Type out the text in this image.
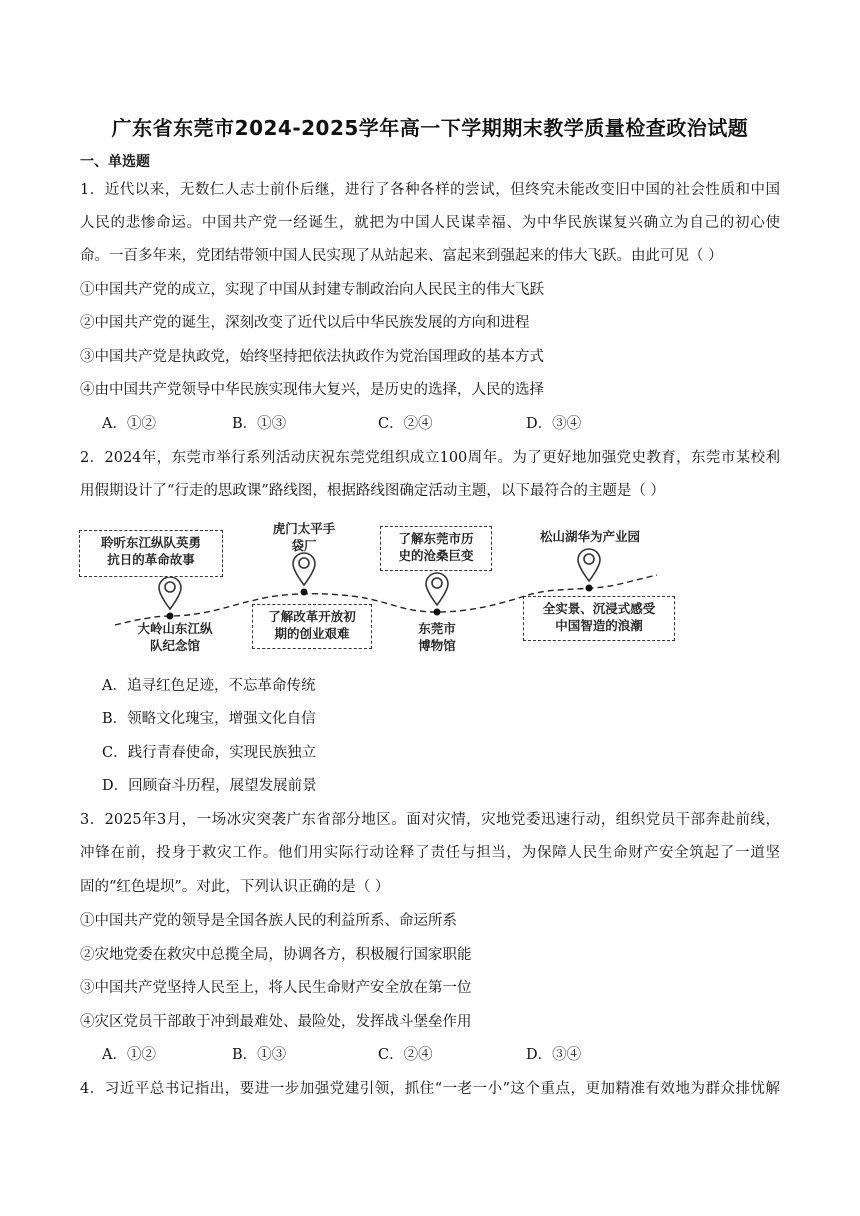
广东省东莞市2024-2025学年高一下学期期末教学质量检查政治试题
一、单选题
1．近代以来，无数仁人志士前仆后继，进行了各种各样的尝试，但终究未能改变旧中国的社会性质和中国
人民的悲惨命运。中国共产党一经诞生，就把为中国人民谋幸福、为中华民族谋复兴确立为自己的初心使
命。一百多年来，党团结带领中国人民实现了从站起来、富起来到强起来的伟大飞跃。由此可见（ ）
①中国共产党的成立，实现了中国从封建专制政治向人民民主的伟大飞跃
②中国共产党的诞生，深刻改变了近代以后中华民族发展的方向和进程
③中国共产党是执政党，始终坚持把依法执政作为党治国理政的基本方式
④由中国共产党领导中华民族实现伟大复兴，是历史的选择，人民的选择
A．①②	B．①③	C．②④	D．③④
2．2024年，东莞市举行系列活动庆祝东莞党组织成立100周年。为了更好地加强党史教育，东莞市某校利
用假期设计了“行走的思政课”路线图，根据路线图确定活动主题，以下最符合的主题是（ ）
聆听东江纵队英勇
抗日的革命故事
大岭山东江纵
队纪念馆
虎门太平手
袋厂
了解改革开放初
期的创业艰难
了解东莞市历
史的沧桑巨变
东莞市
博物馆
松山湖华为产业园
全实景、沉浸式感受
中国智造的浪潮
A．追寻红色足迹，不忘革命传统
B．领略文化瑰宝，增强文化自信
C．践行青春使命，实现民族独立
D．回顾奋斗历程，展望发展前景
3．2025年3月，一场冰灾突袭广东省部分地区。面对灾情，灾地党委迅速行动，组织党员干部奔赴前线，
冲锋在前，投身于救灾工作。他们用实际行动诠释了责任与担当，为保障人民生命财产安全筑起了一道坚
固的“红色堤坝”。对此，下列认识正确的是（ ）
①中国共产党的领导是全国各族人民的利益所系、命运所系
②灾地党委在救灾中总揽全局，协调各方，积极履行国家职能
③中国共产党坚持人民至上，将人民生命财产安全放在第一位
④灾区党员干部敢于冲到最难处、最险处，发挥战斗堡垒作用
A．①②	B．①③	C．②④	D．③④
4．习近平总书记指出，要进一步加强党建引领，抓住“一老一小”这个重点，更加精准有效地为群众排忧解
